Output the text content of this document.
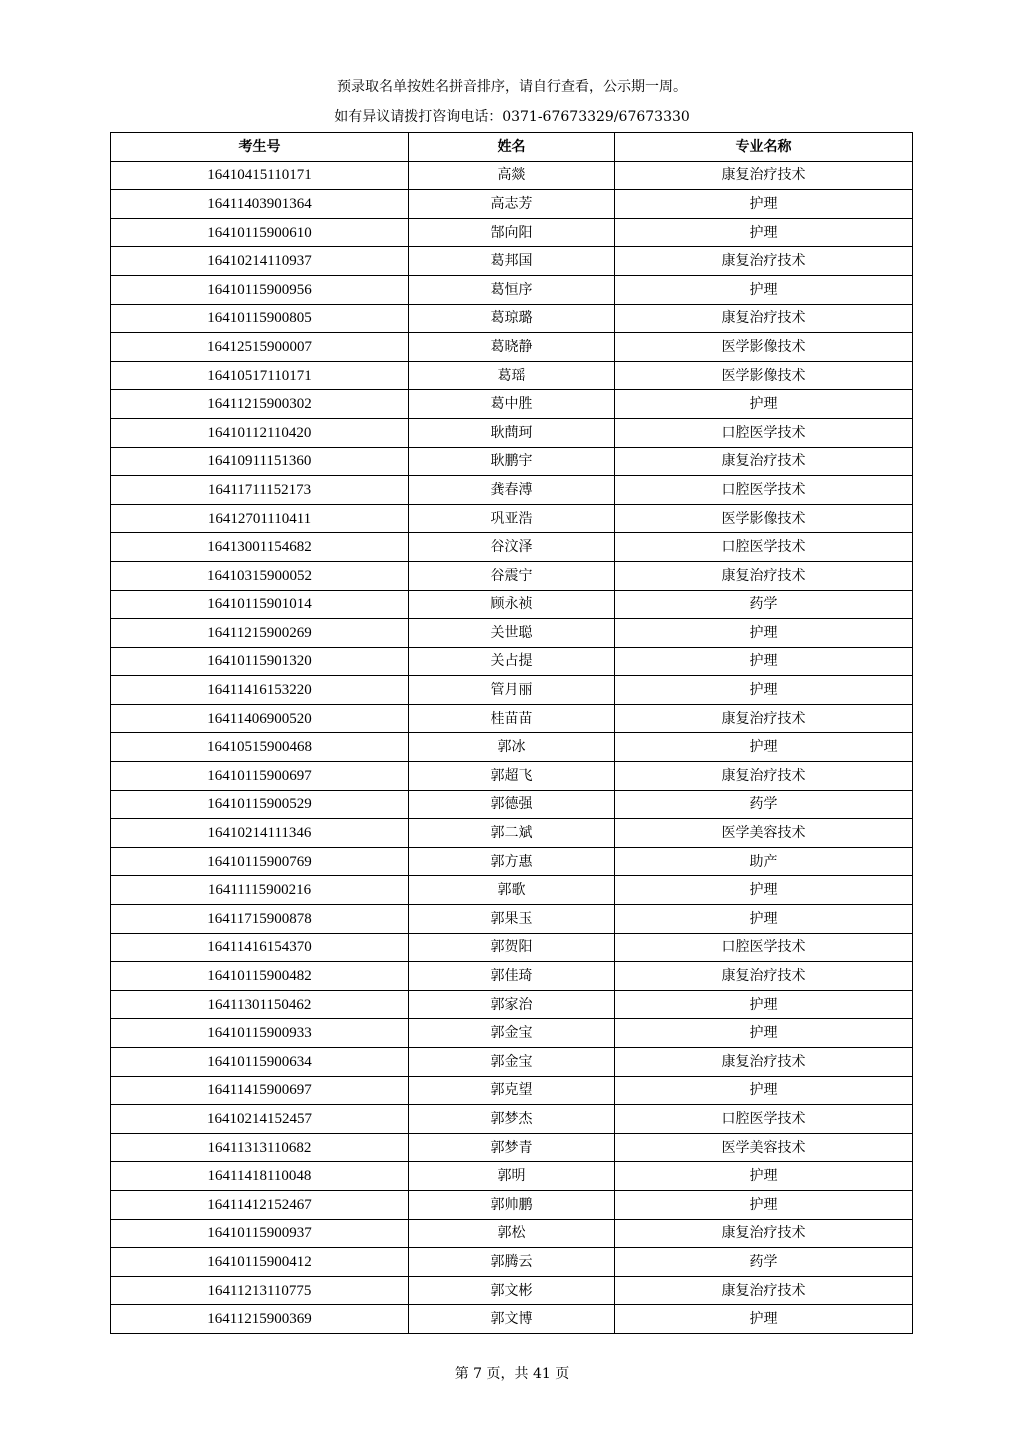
预录取名单按姓名拼音排序，请自行查看，公示期一周。
如有异议请拨打咨询电话：0371-67673329/67673330
考生号	姓名	专业名称
16410415110171	高燚	康复治疗技术
16411403901364	高志芳	护理
16410115900610	郜向阳	护理
16410214110937	葛邦国	康复治疗技术
16410115900956	葛恒序	护理
16410115900805	葛琼璐	康复治疗技术
16412515900007	葛晓静	医学影像技术
16410517110171	葛瑶	医学影像技术
16411215900302	葛中胜	护理
16410112110420	耿蔄珂	口腔医学技术
16410911151360	耿鹏宇	康复治疗技术
16411711152173	龚春溥	口腔医学技术
16412701110411	巩亚浩	医学影像技术
16413001154682	谷汶泽	口腔医学技术
16410315900052	谷震宁	康复治疗技术
16410115901014	顾永祯	药学
16411215900269	关世聪	护理
16410115901320	关占提	护理
16411416153220	管月丽	护理
16411406900520	桂苗苗	康复治疗技术
16410515900468	郭冰	护理
16410115900697	郭超飞	康复治疗技术
16410115900529	郭德强	药学
16410214111346	郭二斌	医学美容技术
16410115900769	郭方惠	助产
16411115900216	郭歌	护理
16411715900878	郭果玉	护理
16411416154370	郭贺阳	口腔医学技术
16410115900482	郭佳琦	康复治疗技术
16411301150462	郭家治	护理
16410115900933	郭金宝	护理
16410115900634	郭金宝	康复治疗技术
16411415900697	郭克望	护理
16410214152457	郭梦杰	口腔医学技术
16411313110682	郭梦青	医学美容技术
16411418110048	郭明	护理
16411412152467	郭帅鹏	护理
16410115900937	郭松	康复治疗技术
16410115900412	郭腾云	药学
16411213110775	郭文彬	康复治疗技术
16411215900369	郭文博	护理
第 7 页，共 41 页
